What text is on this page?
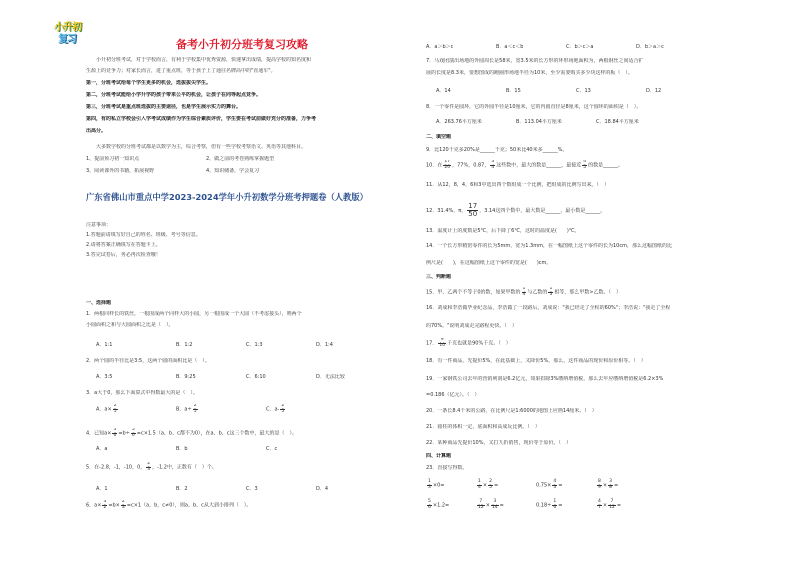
小升初
复习	备考小升初分班考复习攻略
小升初分班考试，对于学校而言，有利于学校集中优秀资源，快速拿出成绩，提高学校的知名度和
生源上的竞争力；对家长而言，进了重点班，等于孩子上了通往名牌高中的"直通车"。
第一，分班考试给每个学生更多的机会，选拔拔尖学生。
第二，分班考试能给小学升学的孩子带来公平的机会，让孩子在同等起点竞争。
第三，分班考试是重点班选拔的主要途径，也是学生展示实力的舞台。
第四，有的私立学校会引入学考试成绩作为学生综合素质评价，学生要在考试前做好充分的准备，力争考
出高分。
大多数学校的分班考试都是以数学为主，综合考察，但有一些学校考察语文、英语等其他科目。
1、提前预习初一知识点	2、做之前的考卷熟练掌握题型
3、阅读课外的书籍，拓展视野	4、知识储备，学会复习
广东省佛山市重点中学2023-2024学年小升初数学分班考押题卷（人教版）
注意事项：
1.答题前请填写好自己的姓名、班级、考号等信息。
2.请将答案正确填写在答题卡上。
3.答完试卷后，务必再次检查哦！
一、选择题
1．两根同样长的铁丝，一根围成两个同样大的小圆，另一根围成一个大圆（不考虑接头），则两个
小圆面积之和与大圆面积之比是（　）。
A．1:1	B．1:2	C．1:3	D．1:4
2．两个圆的半径比是3:5，这两个圆的面积比是（　）。
A．3:5	B．9:25	C．6:10	D．无法比较
3．a大于0，那么下面算式中得数最大的是（　）。
A．$a\times \frac{2}{5}$	B．$a\div \frac{2}{5}$	C．$a- \frac{2}{5}$
4．已知$a\times \frac{5}{6} =b\div \frac{5}{6} =c\times 1.5(a$、b、c都不为0），在a、b、c这三个数中，最大的是（　）。
A．a	B．b	C．c
5．在-2.8，-1，-10，0， $\frac{2}{3}$ ，-1.2中，正数有（　）个。
A．1	B．2	C．3	D．4
6．$a\times \frac{3}{2} =b\times \frac{2}{3} =c\times 1(a$，b，c≠0），则a、b、c从大到小排列（　）。
A．a＞b＞c	B．a＜c＜b	C．b＞c＞a	D．b＞a＞c
7．马戏团演出场地的外圆周长是58米，宽3.5米的长方形的环形场地面积为，两根钢丝之间适合扩
展的长度是8.3米，要想图成的跑圈形场地半径为10米，至少需要购买多少块这样的板（　）。
A．14	B．15	C．13	D．12
8．一个零件是圆环，它的外圆半径是10厘米，它的内圆直径是8厘米，这个圆环的面积是（　）。
A．263.76平方厘米	B．113.04平方厘米	C．18.84平方厘米
二、填空题
9．比120千克多20%是______千克；50米比40米多______%。
10．在 $\frac{17}{20}$ ，77%，0.87， $\frac{3}{4}$ 这些数中，最大的数是______，最接近 $\frac{4}{5}$ 的数是______。
11．从12，8，4，6和3中选出四个数组成一个比例，把组成的比例写出来。（　）
12．31.4%，π， $\frac{17}{50}$ ，3.14这四个数中，最大数是______，最小数是______。
13．温度计上的度数是5℃，后下降了6℃，这时的温度是(　　)℃。
14．一个长方形精密零件的长为5mm，宽为1.3mm，在一幅图纸上这个零件的长为10cm，那么这幅图纸的比
例尺是(　　)，在这幅图纸上这个零件的宽是(　　)cm。
三、判断题
15．甲、乙两个不等于0的数，如果甲数的 $\frac{1}{4}$ 与乙数的 $\frac{1}{3}$ 相等，那么甲数>乙数。（　）
16．刘成和李浩做毕业纪念品，李浩做了一段路后，刘成说："我已经走了全程的60%"；李浩说："我走了全程
的70%。"说明刘成走完路程更快。（　）
17． $\frac{9}{10}$ 千克也就是90%千克。（　）
18．有一件商品，先提价5%，在此基础上，又降价5%，那么，这件商品的现价和原价相等。（　）
19．一家钢铁公司去年的营销利润是6.2亿元，如果扣除3%缴纳增值税，那么去年应缴纳增值税是6.2×3%
=0.186（亿元）。（　）
20．一条长8.4千米的公路，在比例尺是1:6000的地图上应画14厘米。（　）
21．圆柱的体积一定，底面积和高成反比例。（　）
22．某种商品先提价10%，又打九折销售，现价等于原价。（　）
四、计算题
23．直接写得数。
$\frac{1}{3} \times 0=$	$\frac{1}{4} \times \frac{2}{5}$ =	$0.75\times \frac{4}{3}$ =	$\frac{8}{9} \times \frac{3}{8}$ =
$\frac{5}{6} \times 1.2=$	$\frac{7}{12} \times \frac{3}{14}$ =	$0.18\div \frac{1}{6}$ =	$\frac{4}{7} \times \frac{7}{12}$ =
